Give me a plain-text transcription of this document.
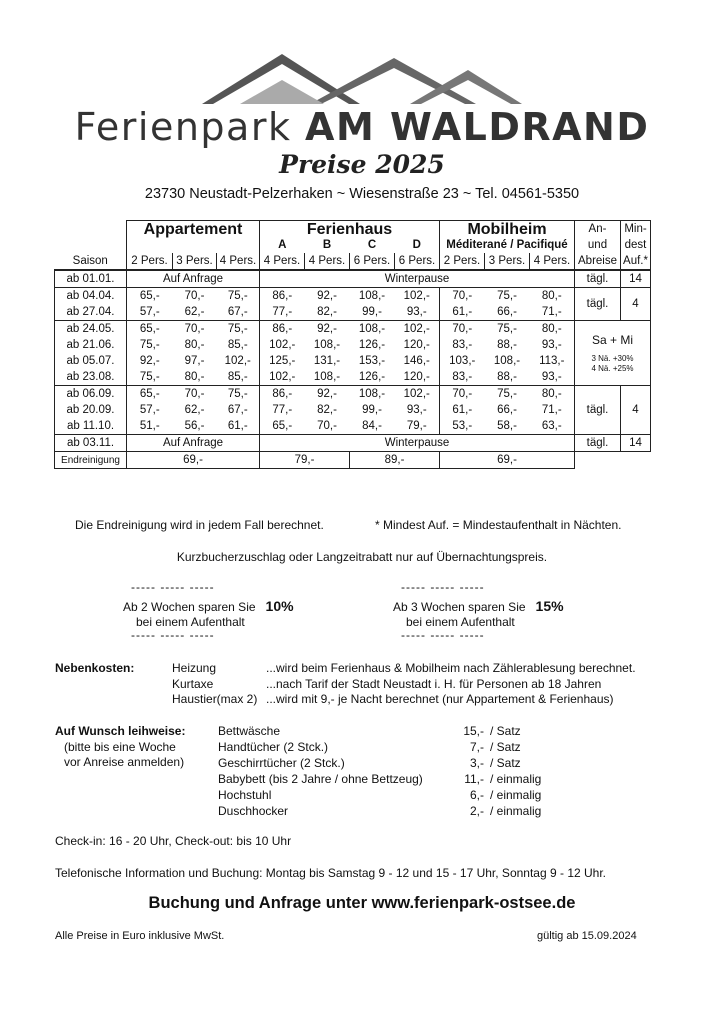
Ferienpark AM WALDRAND
Preise 2025
23730 Neustadt-Pelzerhaken ~ Wiesenstraße 23 ~ Tel. 04561-5350
	Appartement			Ferienhaus				Mobilheim			An-	Min-
				A	B	C	D	Méditerané / Pacifiqué			und	dest
Saison	2 Pers.	3 Pers.	4 Pers.	4 Pers.	4 Pers.	6 Pers.	6 Pers.	2 Pers.	3 Pers.	4 Pers.	Abreise	Auf.*
ab 01.01.	Auf Anfrage			Winterpause							tägl.	14
ab 04.04.	65,-	70,-	75,-	86,-	92,-	108,-	102,-	70,-	75,-	80,-	tägl.	4
ab 27.04.	57,-	62,-	67,-	77,-	82,-	99,-	93,-	61,-	66,-	71,-		
ab 24.05.	65,-	70,-	75,-	86,-	92,-	108,-	102,-	70,-	75,-	80,-	Sa + Mi
3 Nä. +30%
4 Nä. +25%	

ab 21.06.	75,-	80,-	85,-	102,-	108,-	126,-	120,-	83,-	88,-	93,-		
ab 05.07.	92,-	97,-	102,-	125,-	131,-	153,-	146,-	103,-	108,-	113,-		
ab 23.08.	75,-	80,-	85,-	102,-	108,-	126,-	120,-	83,-	88,-	93,-		
ab 06.09.	65,-	70,-	75,-	86,-	92,-	108,-	102,-	70,-	75,-	80,-	tägl.	4
ab 20.09.	57,-	62,-	67,-	77,-	82,-	99,-	93,-	61,-	66,-	71,-		
ab 11.10.	51,-	56,-	61,-	65,-	70,-	84,-	79,-	53,-	58,-	63,-		
ab 03.11.	Auf Anfrage			Winterpause							tägl.	14
Endreinigung	69,-			79,-		89,-		69,-				
Die Endreinigung wird in jedem Fall berechnet.	* Mindest Auf. = Mindestaufenthalt in Nächten.
Kurzbucherzuschlag oder Langzeitrabatt nur auf Übernachtungspreis.
----- ----- -----
Ab 2 Wochen sparen Sie 10%
bei einem Aufenthalt
----- ----- -----
----- ----- -----
Ab 3 Wochen sparen Sie 15%
bei einem Aufenthalt
----- ----- -----
Nebenkosten:	Heizung	...wird beim Ferienhaus & Mobilheim nach Zählerablesung berechnet.
Kurtaxe	...nach Tarif der Stadt Neustadt i. H. für Personen ab 18 Jahren
Haustier(max 2) ...wird mit 9,- je Nacht berechnet (nur Appartement & Ferienhaus)
Auf Wunsch leihweise:
(bitte bis eine Woche
vor Anreise anmelden)
Bettwäsche	15,- / Satz
Handtücher (2 Stck.)	7,- / Satz
Geschirrtücher (2 Stck.)	3,- / Satz
Babybett (bis 2 Jahre / ohne Bettzeug)	11,- / einmalig
Hochstuhl	6,- / einmalig
Duschhocker	2,- / einmalig
Check-in: 16 - 20 Uhr, Check-out: bis 10 Uhr
Telefonische Information und Buchung: Montag bis Samstag 9 - 12 und 15 - 17 Uhr, Sonntag 9 - 12 Uhr.
Buchung und Anfrage unter www.ferienpark-ostsee.de
Alle Preise in Euro inklusive MwSt.	gültig ab 15.09.2024
